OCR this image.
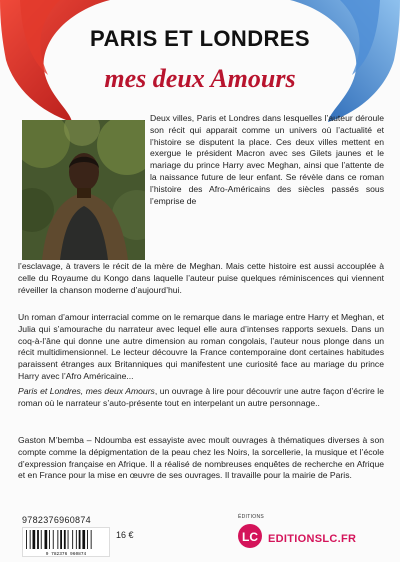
PARIS ET LONDRES
mes deux Amours
Deux villes, Paris et Londres dans lesquelles l’auteur déroule son récit qui apparait comme un univers où l’actualité et l’histoire se disputent la place. Ces deux villes mettent en exergue le président Macron avec ses Gilets jaunes et le mariage du prince Harry avec Meghan, ainsi que l’attente de la naissance future de leur enfant. Se révèle dans ce roman l’histoire des Afro-Américains des siècles passés sous l’emprise de
l’esclavage, à travers le récit de la mère de Meghan. Mais cette histoire est aussi accouplée à celle du Royaume du Kongo dans laquelle l’auteur puise quelques réminiscences qui viennent réveiller la chanson moderne d’aujourd’hui.
Un roman d’amour interracial comme on le remarque dans le mariage entre Harry et Meghan, et Julia qui s’amourache du narrateur avec lequel elle aura d’intenses rapports sexuels. Dans un coq-à-l’âne qui donne une autre dimension au roman congolais, l’auteur nous plonge dans un récit multidimensionnel. Le lecteur découvre la France contemporaine dont certaines habitudes paraissent étranges aux Britanniques qui manifestent une curiosité face au mariage du prince Harry avec l’Afro Américaine...
Paris et Londres, mes deux Amours, un ouvrage à lire pour découvrir une autre façon d’écrire le roman où le narrateur s’auto-présente tout en interpelant un autre personnage..
Gaston M’bemba – Ndoumba est essayiste avec moult ouvrages à thématiques diverses à son compte comme la dépigmentation de la peau chez les Noirs, la sorcellerie, la musique et l’école d’expression française en Afrique. Il a réalisé de nombreuses enquêtes de recherche en Afrique et en France pour la mise en œuvre de ses ouvrages. Il travaille pour la mairie de Paris.
9782376960874
9 782376 960874
16 €
ÉDITIONS
LC EDITIONSLC.FR
